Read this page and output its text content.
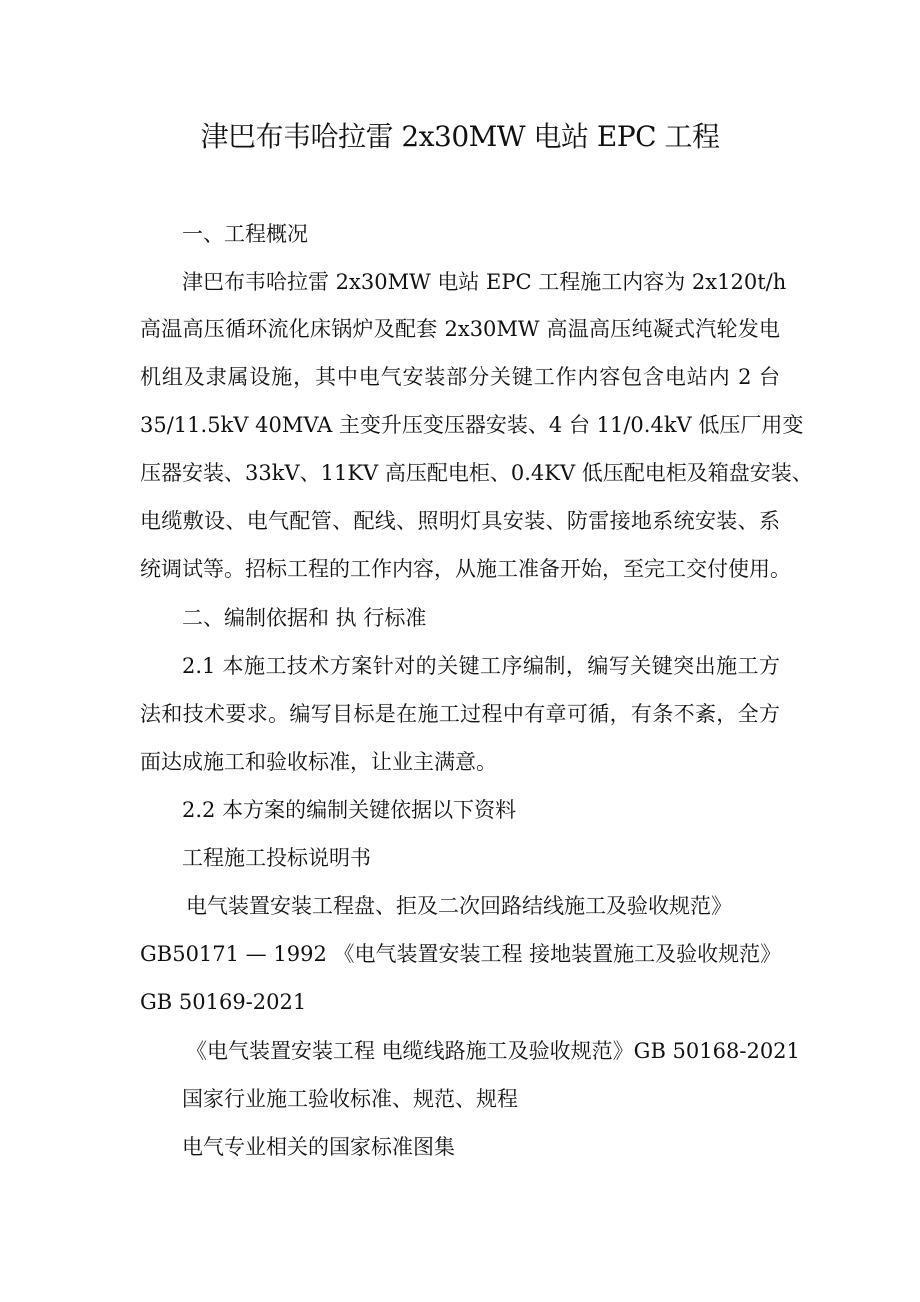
津巴布韦哈拉雷 2x30MW 电站 EPC 工程
一、工程概况
津巴布韦哈拉雷 2x30MW 电站 EPC 工程施工内容为 2x120t/h
高温高压循环流化床锅炉及配套 2x30MW 高温高压纯凝式汽轮发电
机组及隶属设施，其中电气安装部分关键工作内容包含电站内 2 台
35/11.5kV 40MVA 主变升压变压器安装、4 台 11/0.4kV 低压厂用变
压器安装、33kV、11KV 高压配电柜、0.4KV 低压配电柜及箱盘安装、
电缆敷设、电气配管、配线、照明灯具安装、防雷接地系统安装、系
统调试等。招标工程的工作内容，从施工准备开始，至完工交付使用。
二、编制依据和 执 行标准
2.1 本施工技术方案针对的关键工序编制，编写关键突出施工方
法和技术要求。编写目标是在施工过程中有章可循，有条不紊，全方
面达成施工和验收标准，让业主满意。
2.2 本方案的编制关键依据以下资料
工程施工投标说明书
电气装置安装工程盘、拒及二次回路结线施工及验收规范》
GB50171 — 1992 《电气装置安装工程 接地装置施工及验收规范》
GB 50169-2021
《电气装置安装工程 电缆线路施工及验收规范》GB 50168-2021
国家行业施工验收标准、规范、规程
电气专业相关的国家标准图集
